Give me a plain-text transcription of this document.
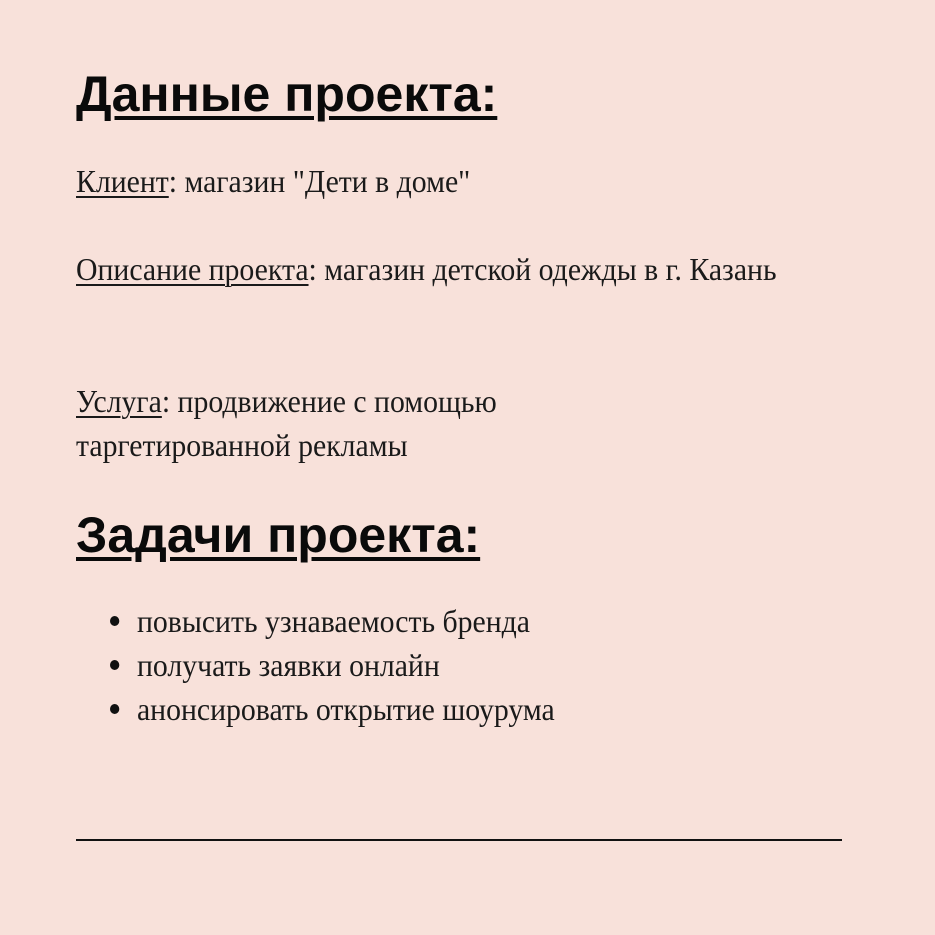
Данные проекта:

Клиент: магазин "Дети в доме"

Описание проекта: магазин детской одежды в г. Казань

Услуга: продвижение с помощью таргетированной рекламы

Задачи проекта:
повысить узнаваемость бренда
получать заявки онлайн
анонсировать открытие шоурума
